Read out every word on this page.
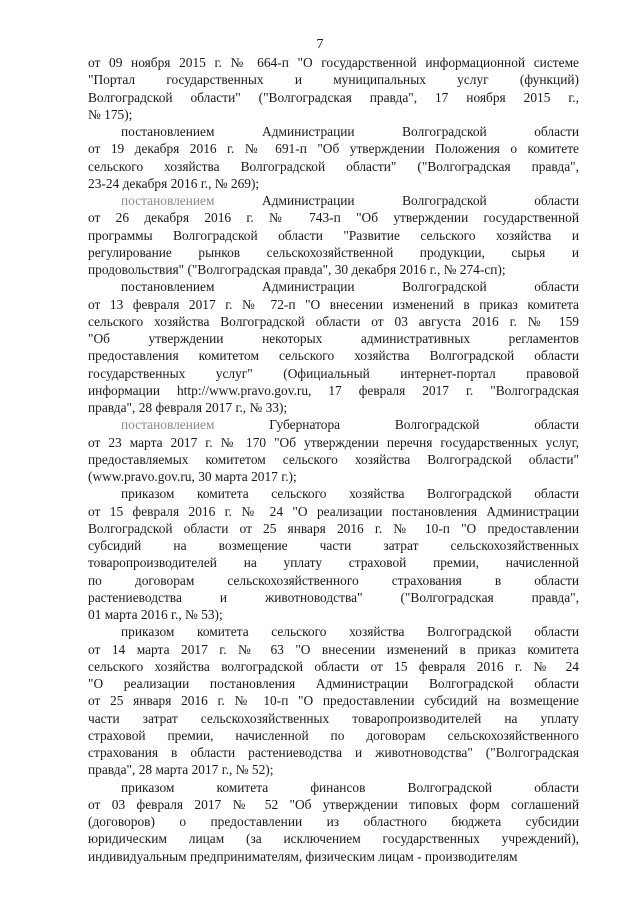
7
от 09 ноября 2015 г. № 664-п "О государственной информационной системе
"Портал государственных и муниципальных услуг (функций)
Волгоградской области" ("Волгоградская правда", 17 ноября 2015 г.,
№ 175);
постановлением Администрации Волгоградской области
от 19 декабря 2016 г. № 691-п "Об утверждении Положения о комитете
сельского хозяйства Волгоградской области" ("Волгоградская правда",
23-24 декабря 2016 г., № 269);
постановлением Администрации Волгоградской области
от 26 декабря 2016 г. № 743-п "Об утверждении государственной
программы Волгоградской области "Развитие сельского хозяйства и
регулирование рынков сельскохозяйственной продукции, сырья и
продовольствия" ("Волгоградская правда", 30 декабря 2016 г., № 274-сп);
постановлением Администрации Волгоградской области
от 13 февраля 2017 г. № 72-п "О внесении изменений в приказ комитета
сельского хозяйства Волгоградской области от 03 августа 2016 г. № 159
"Об утверждении некоторых административных регламентов
предоставления комитетом сельского хозяйства Волгоградской области
государственных услуг" (Официальный интернет-портал правовой
информации http://www.pravo.gov.ru, 17 февраля 2017 г. "Волгоградская
правда", 28 февраля 2017 г., № 33);
постановлением Губернатора Волгоградской области
от 23 марта 2017 г. № 170 "Об утверждении перечня государственных услуг,
предоставляемых комитетом сельского хозяйства Волгоградской области"
(www.pravo.gov.ru, 30 марта 2017 г.);
приказом комитета сельского хозяйства Волгоградской области
от 15 февраля 2016 г. № 24 "О реализации постановления Администрации
Волгоградской области от 25 января 2016 г. № 10-п "О предоставлении
субсидий на возмещение части затрат сельскохозяйственных
товаропроизводителей на уплату страховой премии, начисленной
по договорам сельскохозяйственного страхования в области
растениеводства и животноводства" ("Волгоградская правда",
01 марта 2016 г., № 53);
приказом комитета сельского хозяйства Волгоградской области
от 14 марта 2017 г. № 63 "О внесении изменений в приказ комитета
сельского хозяйства волгоградской области от 15 февраля 2016 г. № 24
"О реализации постановления Администрации Волгоградской области
от 25 января 2016 г. № 10-п "О предоставлении субсидий на возмещение
части затрат сельскохозяйственных товаропроизводителей на уплату
страховой премии, начисленной по договорам сельскохозяйственного
страхования в области растениеводства и животноводства" ("Волгоградская
правда", 28 марта 2017 г., № 52);
приказом комитета финансов Волгоградской области
от 03 февраля 2017 № 52 "Об утверждении типовых форм соглашений
(договоров) о предоставлении из областного бюджета субсидии
юридическим лицам (за исключением государственных учреждений),
индивидуальным предпринимателям, физическим лицам - производителям
